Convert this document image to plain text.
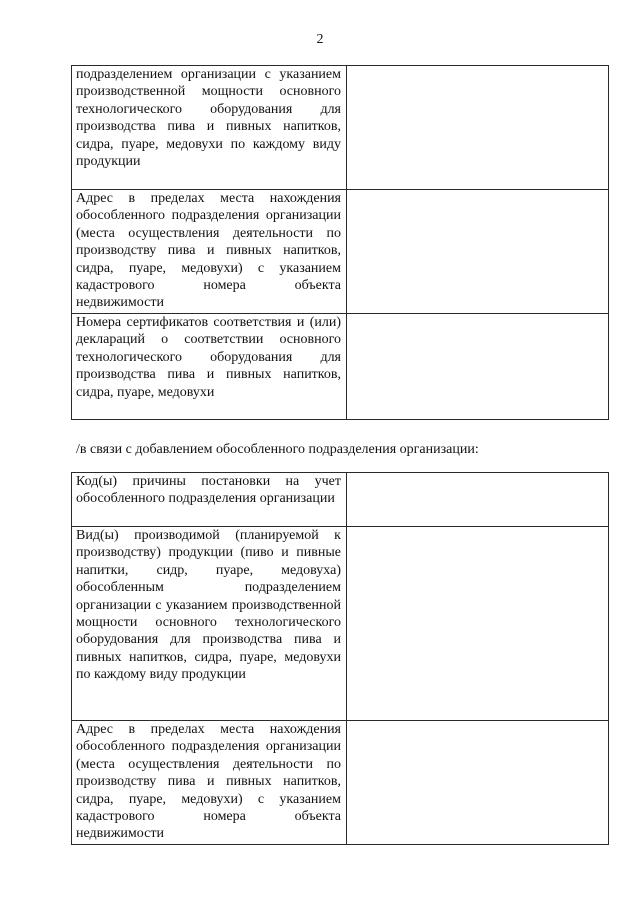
2
подразделением организации с указанием производственной мощности основного технологического оборудования для производства пива и пивных напитков, сидра, пуаре, медовухи по каждому виду продукции	
Адрес в пределах места нахождения обособленного подразделения организации (места осуществления деятельности по производству пива и пивных напитков, сидра, пуаре, медовухи) с указанием кадастрового номера объекта недвижимости	
Номера сертификатов соответствия и (или) деклараций о соответствии основного технологического оборудования для производства пива и пивных напитков, сидра, пуаре, медовухи	
/в связи с добавлением обособленного подразделения организации:
Код(ы) причины постановки на учет обособленного подразделения организации	
Вид(ы) производимой (планируемой к производству) продукции (пиво и пивные напитки, сидр, пуаре, медовуха) обособленным подразделением организации с указанием производственной мощности основного технологического оборудования для производства пива и пивных напитков, сидра, пуаре, медовухи по каждому виду продукции	
Адрес в пределах места нахождения обособленного подразделения организации (места осуществления деятельности по производству пива и пивных напитков, сидра, пуаре, медовухи) с указанием кадастрового номера объекта недвижимости	
